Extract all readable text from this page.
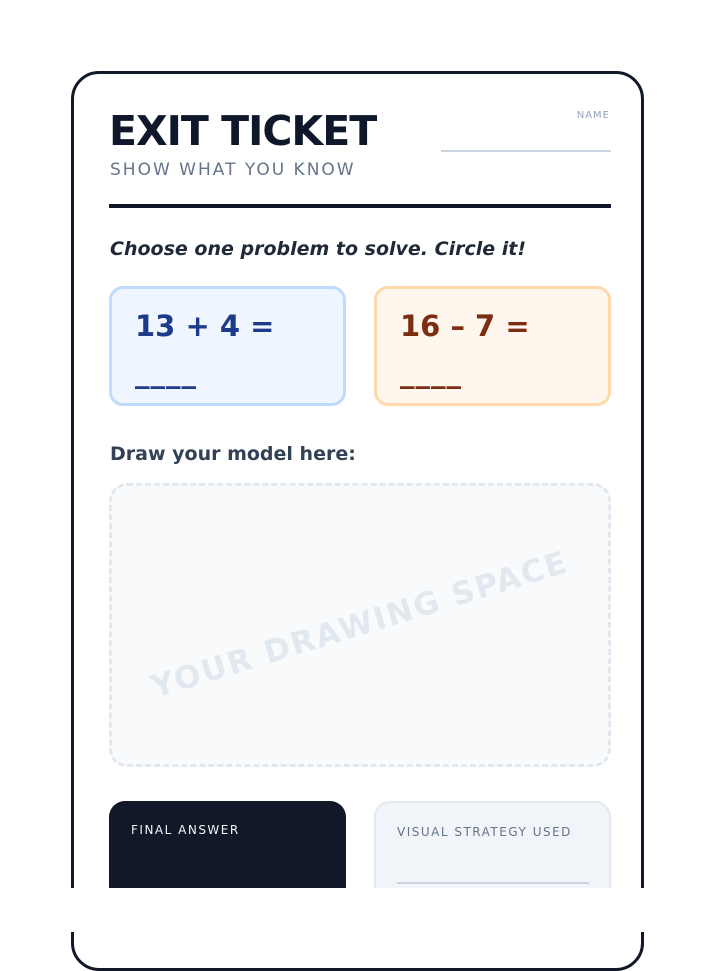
EXIT TICKET
SHOW WHAT YOU KNOW
NAME
Choose one problem to solve. Circle it!
13 + 4 =
____
16 – 7 =
____
Draw your model here:
YOUR DRAWING SPACE
FINAL ANSWER	VISUAL STRATEGY USED
